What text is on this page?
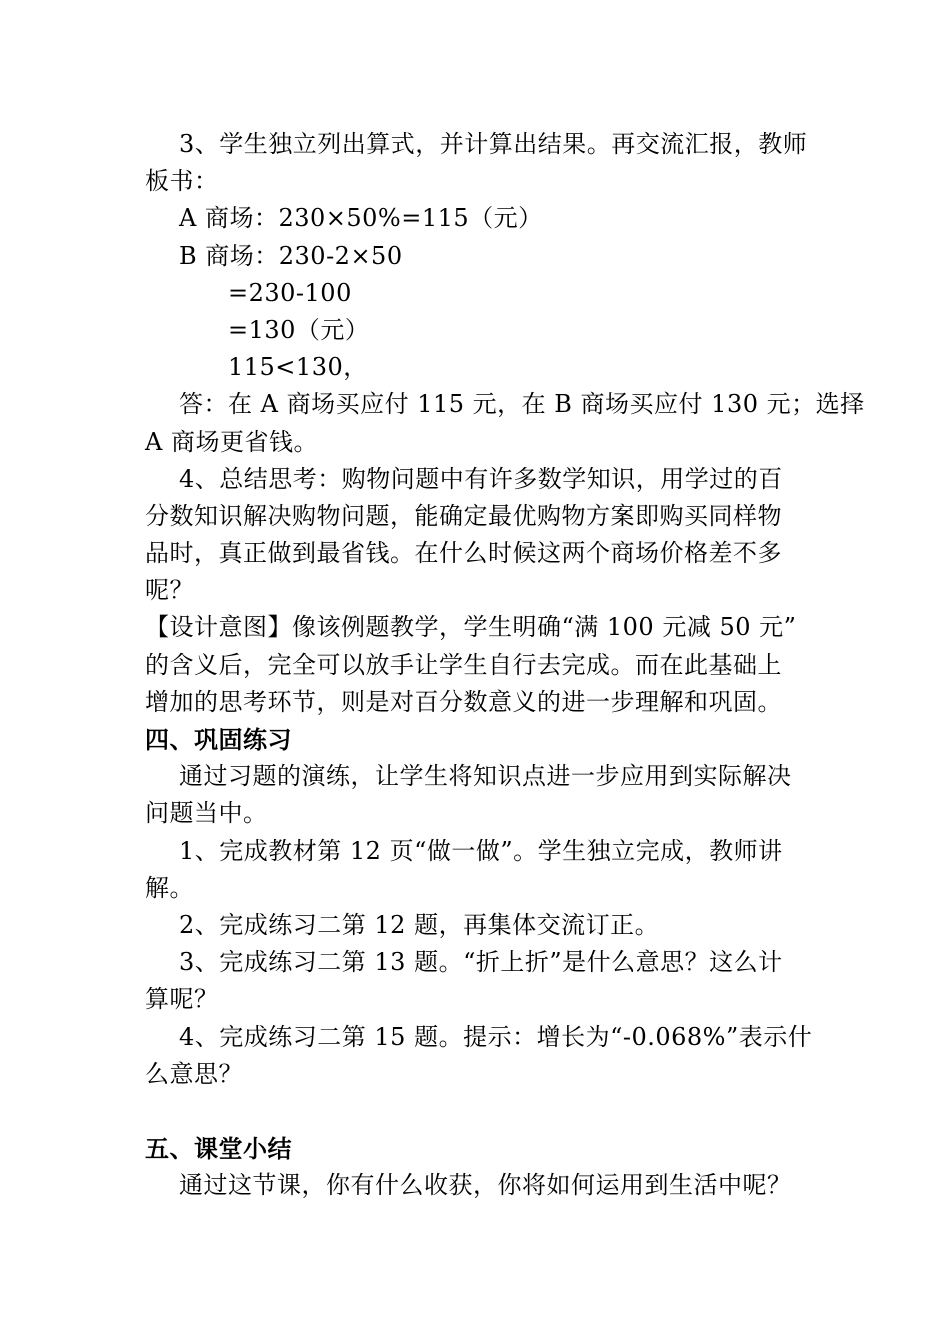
3、学生独立列出算式，并计算出结果。再交流汇报，教师
板书：
A 商场：230×50%=115（元）
B 商场：230-2×50
=230-100
=130（元）
115<130，
答：在 A 商场买应付 115 元，在 B 商场买应付 130 元；选择
A 商场更省钱。
4、总结思考：购物问题中有许多数学知识，用学过的百
分数知识解决购物问题，能确定最优购物方案即购买同样物
品时，真正做到最省钱。在什么时候这两个商场价格差不多
呢？
【设计意图】像该例题教学，学生明确“满 100 元减 50 元”
的含义后，完全可以放手让学生自行去完成。而在此基础上
增加的思考环节，则是对百分数意义的进一步理解和巩固。
四、巩固练习
通过习题的演练，让学生将知识点进一步应用到实际解决
问题当中。
1、完成教材第 12 页“做一做”。学生独立完成，教师讲
解。
2、完成练习二第 12 题，再集体交流订正。
3、完成练习二第 13 题。“折上折”是什么意思？这么计
算呢？
4、完成练习二第 15 题。提示：增长为“-0.068%”表示什
么意思？
五、课堂小结
通过这节课，你有什么收获，你将如何运用到生活中呢？
